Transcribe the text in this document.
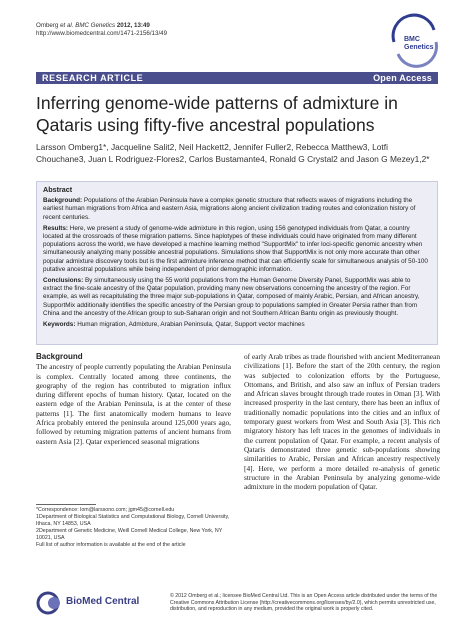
Omberg et al. BMC Genetics 2012, 13:49
http://www.biomedcentral.com/1471-2156/13/49
BMC
Genetics
RESEARCH ARTICLE	Open Access
Inferring genome-wide patterns of admixture in Qataris using fifty-five ancestral populations
Larsson Omberg1*, Jacqueline Salit2, Neil Hackett2, Jennifer Fuller2, Rebecca Matthew3, Lotfi Chouchane3, Juan L Rodriguez-Flores2, Carlos Bustamante4, Ronald G Crystal2 and Jason G Mezey1,2*
Abstract

Background: Populations of the Arabian Peninsula have a complex genetic structure that reflects waves of migrations including the earliest human migrations from Africa and eastern Asia, migrations along ancient civilization trading routes and colonization history of recent centuries.

Results: Here, we present a study of genome-wide admixture in this region, using 156 genotyped individuals from Qatar, a country located at the crossroads of these migration patterns. Since haplotypes of these individuals could have originated from many different populations across the world, we have developed a machine learning method "SupportMix" to infer loci-specific genomic ancestry when simultaneously analyzing many possible ancestral populations. Simulations show that SupportMix is not only more accurate than other popular admixture discovery tools but is the first admixture inference method that can efficiently scale for simultaneous analysis of 50-100 putative ancestral populations while being independent of prior demographic information.

Conclusions: By simultaneously using the 55 world populations from the Human Genome Diversity Panel, SupportMix was able to extract the fine-scale ancestry of the Qatar population, providing many new observations concerning the ancestry of the region. For example, as well as recapitulating the three major sub-populations in Qatar, composed of mainly Arabic, Persian, and African ancestry, SupportMix additionally identifies the specific ancestry of the Persian group to populations sampled in Greater Persia rather than from China and the ancestry of the African group to sub-Saharan origin and not Southern African Bantu origin as previously thought.

Keywords: Human migration, Admixture, Arabian Peninsula, Qatar, Support vector machines

Background
The ancestry of people currently populating the Arabian Peninsula is complex. Centrally located among three continents, the geography of the region has contributed to migration influx during different epochs of human history. Qatar, located on the eastern edge of the Arabian Peninsula, is at the center of these patterns [1]. The first anatomically modern humans to leave Africa probably entered the peninsula around 125,000 years ago, followed by returning migration patterns of ancient humans from eastern Asia [2]. Qatar experienced seasonal migrations
of early Arab tribes as trade flourished with ancient Mediterranean civilizations [1]. Before the start of the 20th century, the region was subjected to colonization efforts by the Portuguese, Ottomans, and British, and also saw an influx of Persian traders and African slaves brought through trade routes in Oman [3]. With increased prosperity in the last century, there has been an influx of traditionally nomadic populations into the cities and an influx of temporary guest workers from West and South Asia [3]. This rich migratory history has left traces in the genomes of individuals in the current population of Qatar. For example, a recent analysis of Qataris demonstrated three genetic sub-populations showing similarities to Arabic, Persian and African ancestry respectively [4]. Here, we perform a more detailed re-analysis of genetic structure in the Arabian Peninsula by analyzing genome-wide admixture in the modern population of Qatar.
*Correspondence: lom@larssono.com; jgm45@cornell.edu
1Department of Biological Statistics and Computational Biology, Cornell University, Ithaca, NY 14853, USA
2Department of Genetic Medicine, Weill Cornell Medical College, New York, NY 10021, USA
Full list of author information is available at the end of the article
BioMed Central	© 2012 Omberg et al.; licensee BioMed Central Ltd. This is an Open Access article distributed under the terms of the Creative Commons Attribution License (http://creativecommons.org/licenses/by/2.0), which permits unrestricted use, distribution, and reproduction in any medium, provided the original work is properly cited.
